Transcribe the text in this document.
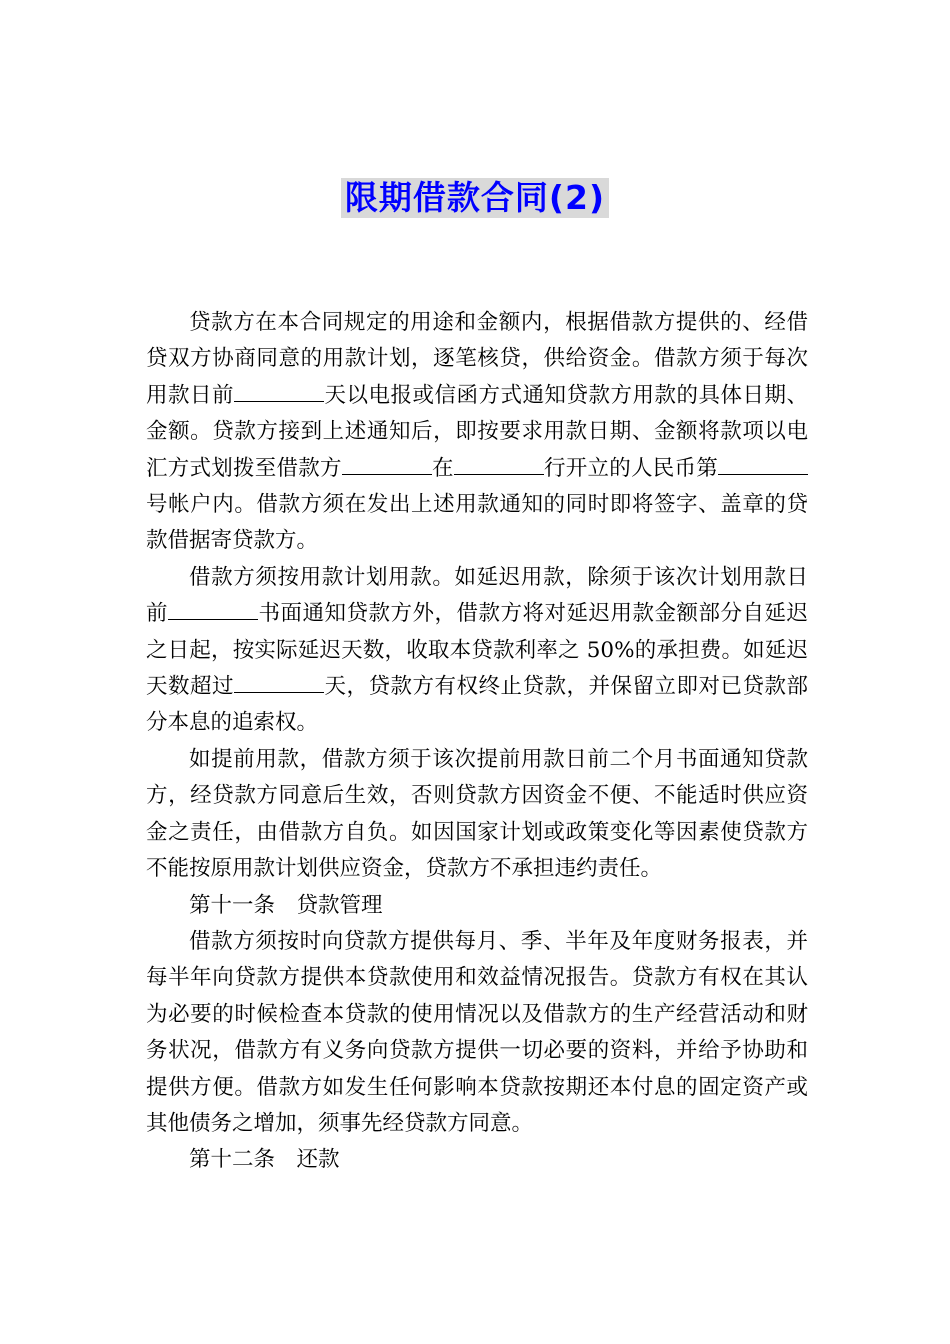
限期借款合同(2)

贷款方在本合同规定的用途和金额内，根据借款方提供的、经借贷双方协商同意的用款计划，逐笔核贷，供给资金。借款方须于每次用款日前	天以电报或信函方式通知贷款方用款的具体日期、金额。贷款方接到上述通知后，即按要求用款日期、金额将款项以电汇方式划拨至借款方	在	行开立的人民币第号帐户内。借款方须在发出上述用款通知的同时即将签字、盖章的贷款借据寄贷款方。

借款方须按用款计划用款。如延迟用款，除须于该次计划用款日前	书面通知贷款方外，借款方将对延迟用款金额部分自延迟之日起，按实际延迟天数，收取本贷款利率之 50%的承担费。如延迟天数超过	天，贷款方有权终止贷款，并保留立即对已贷款部分本息的追索权。

如提前用款，借款方须于该次提前用款日前二个月书面通知贷款方，经贷款方同意后生效，否则贷款方因资金不便、不能适时供应资金之责任，由借款方自负。如因国家计划或政策变化等因素使贷款方不能按原用款计划供应资金，贷款方不承担违约责任。

第十一条　贷款管理

借款方须按时向贷款方提供每月、季、半年及年度财务报表，并每半年向贷款方提供本贷款使用和效益情况报告。贷款方有权在其认为必要的时候检查本贷款的使用情况以及借款方的生产经营活动和财务状况，借款方有义务向贷款方提供一切必要的资料，并给予协助和提供方便。借款方如发生任何影响本贷款按期还本付息的固定资产或其他债务之增加，须事先经贷款方同意。

第十二条　还款
